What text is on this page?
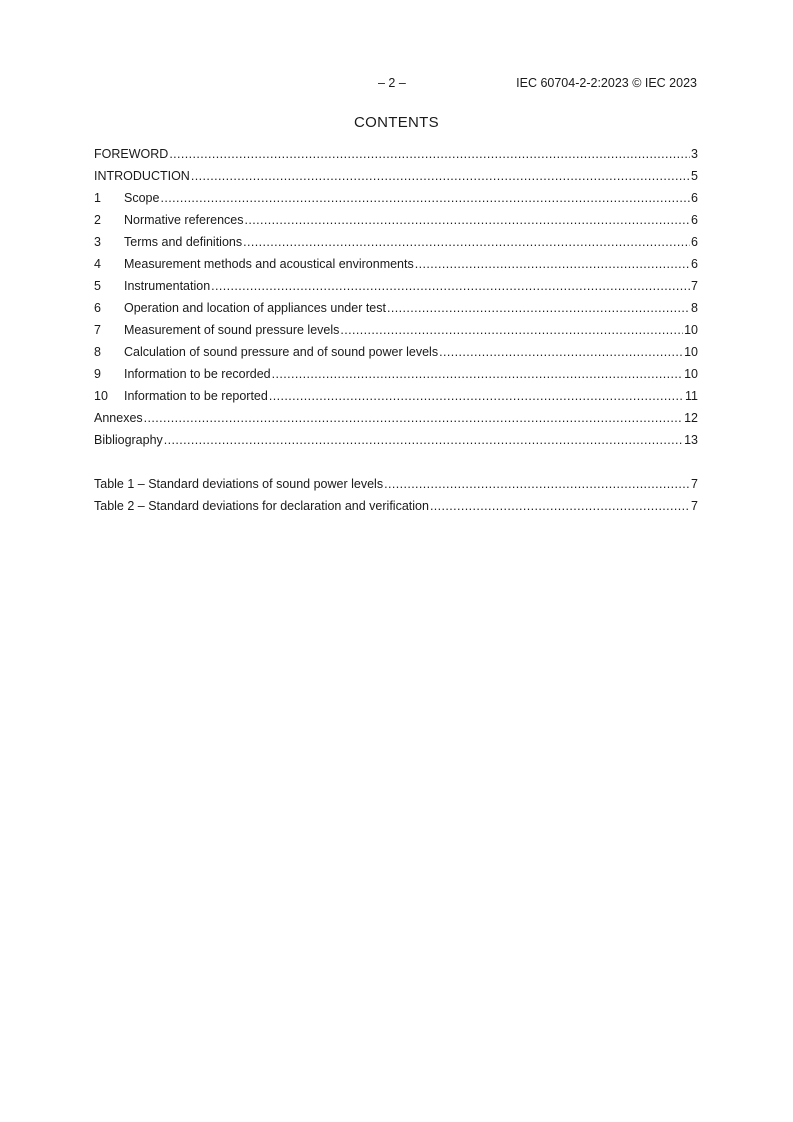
– 2 –	IEC 60704-2-2:2023 © IEC 2023
CONTENTS
FOREWORD .....	3
INTRODUCTION .....	5
1	Scope .....	6
2	Normative references .....	6
3	Terms and definitions .....	6
4	Measurement methods and acoustical environments .....	6
5	Instrumentation .....	7
6	Operation and location of appliances under test .....	8
7	Measurement of sound pressure levels .....	10
8	Calculation of sound pressure and of sound power levels .....	10
9	Information to be recorded .....	10
10	Information to be reported .....	11
Annexes .....	12
Bibliography .....	13
Table 1 – Standard deviations of sound power levels .....	7
Table 2 – Standard deviations for declaration and verification .....	7
